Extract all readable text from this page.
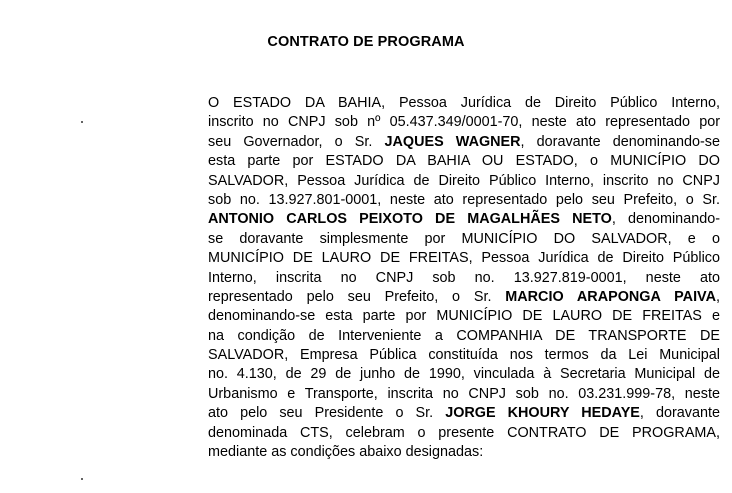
CONTRATO DE PROGRAMA
O ESTADO DA BAHIA, Pessoa Jurídica de Direito Público Interno,
inscrito no CNPJ sob nº 05.437.349/0001-70, neste ato representado por
seu Governador, o Sr. JAQUES WAGNER, doravante denominando-se
esta parte por ESTADO DA BAHIA OU ESTADO, o MUNICÍPIO DO
SALVADOR, Pessoa Jurídica de Direito Público Interno, inscrito no CNPJ
sob no. 13.927.801-0001, neste ato representado pelo seu Prefeito, o Sr.
ANTONIO CARLOS PEIXOTO DE MAGALHÃES NETO, denominando-
se doravante simplesmente por MUNICÍPIO DO SALVADOR, e o
MUNICÍPIO DE LAURO DE FREITAS, Pessoa Jurídica de Direito Público
Interno, inscrita no CNPJ sob no. 13.927.819-0001, neste ato
representado pelo seu Prefeito, o Sr. MARCIO ARAPONGA PAIVA,
denominando-se esta parte por MUNICÍPIO DE LAURO DE FREITAS e
na condição de Interveniente a COMPANHIA DE TRANSPORTE DE
SALVADOR, Empresa Pública constituída nos termos da Lei Municipal
no. 4.130, de 29 de junho de 1990, vinculada à Secretaria Municipal de
Urbanismo e Transporte, inscrita no CNPJ sob no. 03.231.999-78, neste
ato pelo seu Presidente o Sr. JORGE KHOURY HEDAYE, doravante
denominada CTS, celebram o presente CONTRATO DE PROGRAMA,
mediante as condições abaixo designadas:
